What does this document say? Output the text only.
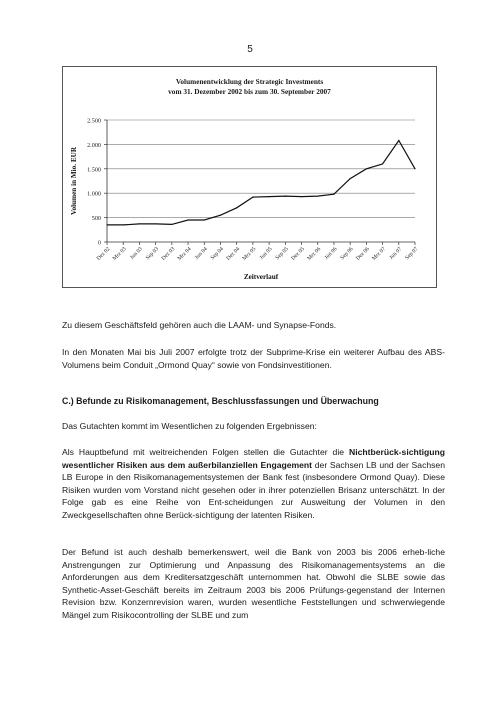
5
Volumenentwicklung der Strategic Investments
vom 31. Dezember 2002 bis zum 30. September 2007
0
500
1.000
1.500
2.000
2.500
Dez 02 Mrz 03 Jun 03 Sep 03 Dez 03 Mrz 04 Jun 04 Sep 04 Dez 04 Mrz 05 Jun 05 Sep 05 Dez 05 Mrz 06 Jun 06 Sep 06 Dez 06 Mrz 07 Jun 07 Sep 07
Zeitverlauf
Volumen in Mio. EUR
Zu diesem Geschäftsfeld gehören auch die LAAM- und Synapse-Fonds.
In den Monaten Mai bis Juli 2007 erfolgte trotz der Subprime-Krise ein weiterer Aufbau des ABS-Volumens beim Conduit „Ormond Quay“ sowie von Fondsinvestitionen.
C.) Befunde zu Risikomanagement, Beschlussfassungen und Überwachung
Das Gutachten kommt im Wesentlichen zu folgenden Ergebnissen:
Als Hauptbefund mit weitreichenden Folgen stellen die Gutachter die Nichtberück-sichtigung wesentlicher Risiken aus dem außerbilanziellen Engagement der Sachsen LB und der Sachsen LB Europe in den Risikomanagementsystemen der Bank fest (insbesondere Ormond Quay). Diese Risiken wurden vom Vorstand nicht gesehen oder in ihrer potenziellen Brisanz unterschätzt. In der Folge gab es eine Reihe von Ent-scheidungen zur Ausweitung der Volumen in den Zweckgesellschaften ohne Berück-sichtigung der latenten Risiken.
Der Befund ist auch deshalb bemerkenswert, weil die Bank von 2003 bis 2006 erheb-liche Anstrengungen zur Optimierung und Anpassung des Risikomanagementsystems an die Anforderungen aus dem Kreditersatzgeschäft unternommen hat. Obwohl die SLBE sowie das Synthetic-Asset-Geschäft bereits im Zeitraum 2003 bis 2006 Prüfungs-gegenstand der Internen Revision bzw. Konzernrevision waren, wurden wesentliche Feststellungen und schwerwiegende Mängel zum Risikocontrolling der SLBE und zum
